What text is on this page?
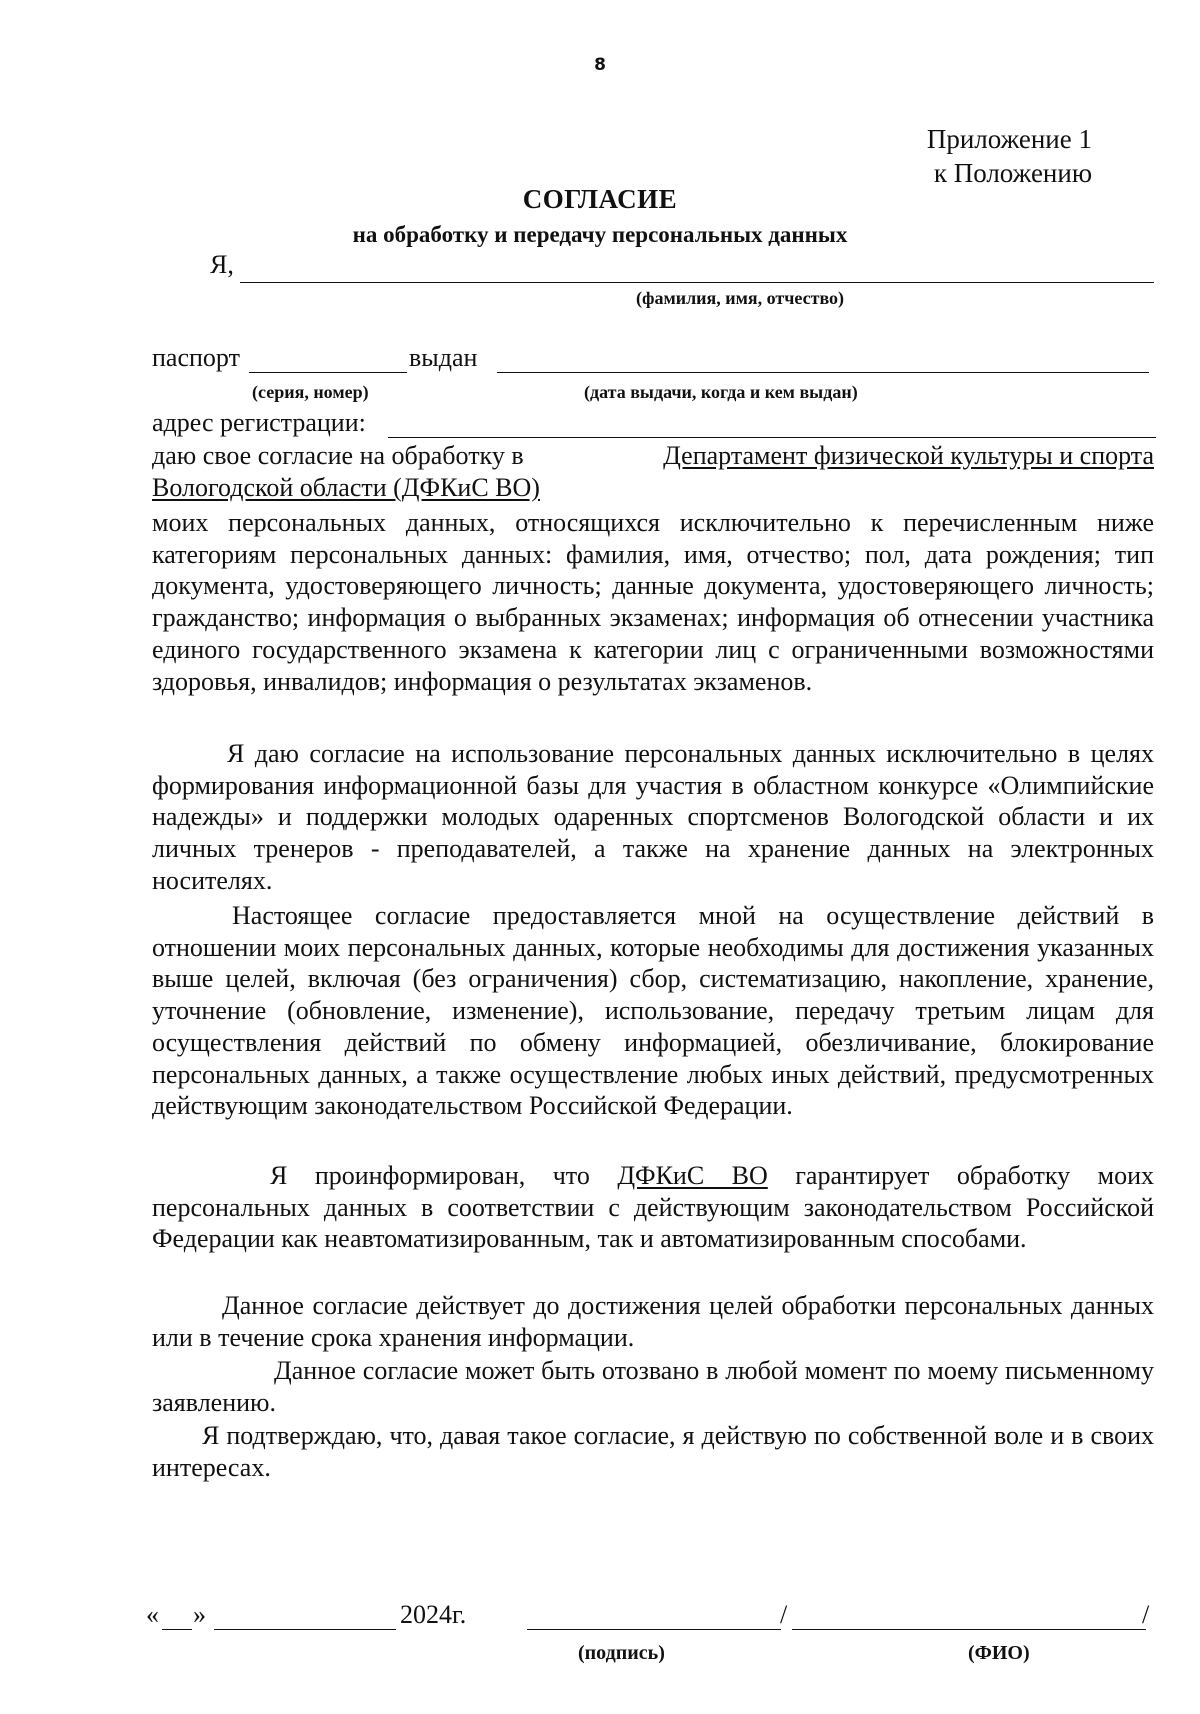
8
Приложение 1
к Положению
СОГЛАСИЕ
на обработку и передачу персональных данных
Я,
(фамилия, имя, отчество)
паспорт	выдан
(серия, номер)	(дата выдачи, когда и кем выдан)
адрес регистрации:
даю свое согласие на обработку в	Департамент физической культуры и спорта
Вологодской области (ДФКиС ВО)

моих персональных данных, относящихся исключительно к перечисленным ниже категориям персональных данных: фамилия, имя, отчество; пол, дата рождения; тип документа, удостоверяющего личность; данные документа, удостоверяющего личность; гражданство; информация о выбранных экзаменах; информация об отнесении участника единого государственного экзамена к категории лиц с ограниченными возможностями здоровья, инвалидов; информация о результатах экзаменов.

Я даю согласие на использование персональных данных исключительно в целях формирования информационной базы для участия в областном конкурсе «Олимпийские надежды» и поддержки молодых одаренных спортсменов Вологодской области и их личных тренеров - преподавателей, а также на хранение данных на электронных носителях.

Настоящее согласие предоставляется мной на осуществление действий в отношении моих персональных данных, которые необходимы для достижения указанных выше целей, включая (без ограничения) сбор, систематизацию, накопление, хранение, уточнение (обновление, изменение), использование, передачу третьим лицам для осуществления действий по обмену информацией, обезличивание, блокирование персональных данных, а также осуществление любых иных действий, предусмотренных действующим законодательством Российской Федерации.

Я проинформирован, что ДФКиС ВО гарантирует обработку моих персональных данных в соответствии с действующим законодательством Российской Федерации как неавтоматизированным, так и автоматизированным способами.

Данное согласие действует до достижения целей обработки персональных данных или в течение срока хранения информации.

Данное согласие может быть отозвано в любой момент по моему письменному заявлению.

Я подтверждаю, что, давая такое согласие, я действую по собственной воле и в своих интересах.

« »	2024г.	/	/
(подпись)	(ФИО)
